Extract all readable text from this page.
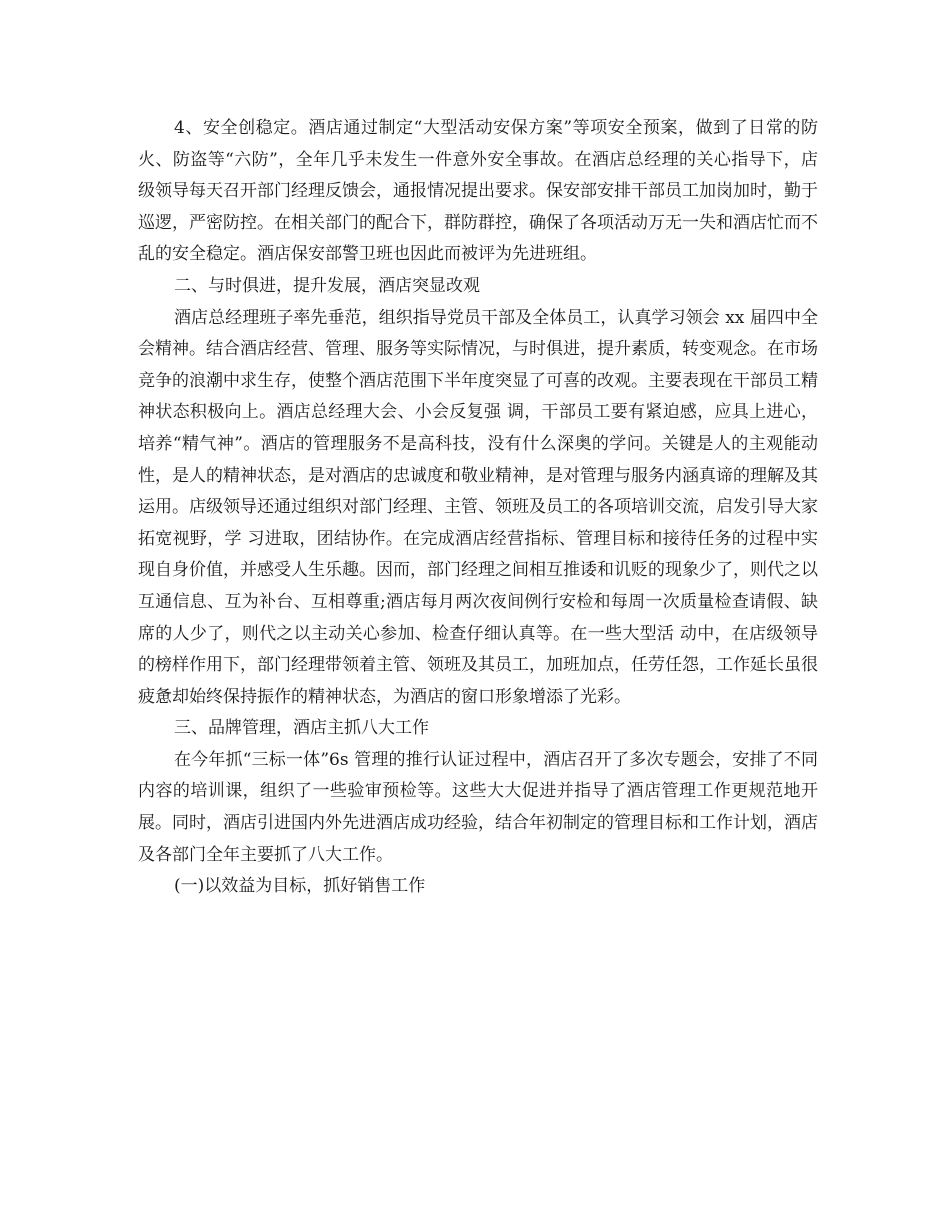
4、安全创稳定。酒店通过制定“大型活动安保方案”等项安全预案，做到了日常的防火、防盗等“六防”，全年几乎未发生一件意外安全事故。在酒店总经理的关心指导下，店级领导每天召开部门经理反馈会，通报情况提出要求。保安部安排干部员工加岗加时，勤于巡逻，严密防控。在相关部门的配合下，群防群控，确保了各项活动万无一失和酒店忙而不乱的安全稳定。酒店保安部警卫班也因此而被评为先进班组。

二、与时俱进，提升发展，酒店突显改观

酒店总经理班子率先垂范，组织指导党员干部及全体员工，认真学习领会 xx 届四中全会精神。结合酒店经营、管理、服务等实际情况，与时俱进，提升素质，转变观念。在市场竞争的浪潮中求生存，使整个酒店范围下半年度突显了可喜的改观。主要表现在干部员工精神状态积极向上。酒店总经理大会、小会反复强 调，干部员工要有紧迫感，应具上进心，培养“精气神”。酒店的管理服务不是高科技，没有什么深奥的学问。关键是人的主观能动性，是人的精神状态，是对酒店的忠诚度和敬业精神，是对管理与服务内涵真谛的理解及其运用。店级领导还通过组织对部门经理、主管、领班及员工的各项培训交流，启发引导大家拓宽视野，学 习进取，团结协作。在完成酒店经营指标、管理目标和接待任务的过程中实现自身价值，并感受人生乐趣。因而，部门经理之间相互推诿和讥贬的现象少了，则代之以互通信息、互为补台、互相尊重;酒店每月两次夜间例行安检和每周一次质量检查请假、缺席的人少了，则代之以主动关心参加、检查仔细认真等。在一些大型活 动中，在店级领导的榜样作用下，部门经理带领着主管、领班及其员工，加班加点，任劳任怨，工作延长虽很疲惫却始终保持振作的精神状态，为酒店的窗口形象增添了光彩。

三、品牌管理，酒店主抓八大工作

在今年抓“三标一体”6s 管理的推行认证过程中，酒店召开了多次专题会，安排了不同内容的培训课，组织了一些验审预检等。这些大大促进并指导了酒店管理工作更规范地开展。同时，酒店引进国内外先进酒店成功经验，结合年初制定的管理目标和工作计划，酒店及各部门全年主要抓了八大工作。

(一)以效益为目标，抓好销售工作
